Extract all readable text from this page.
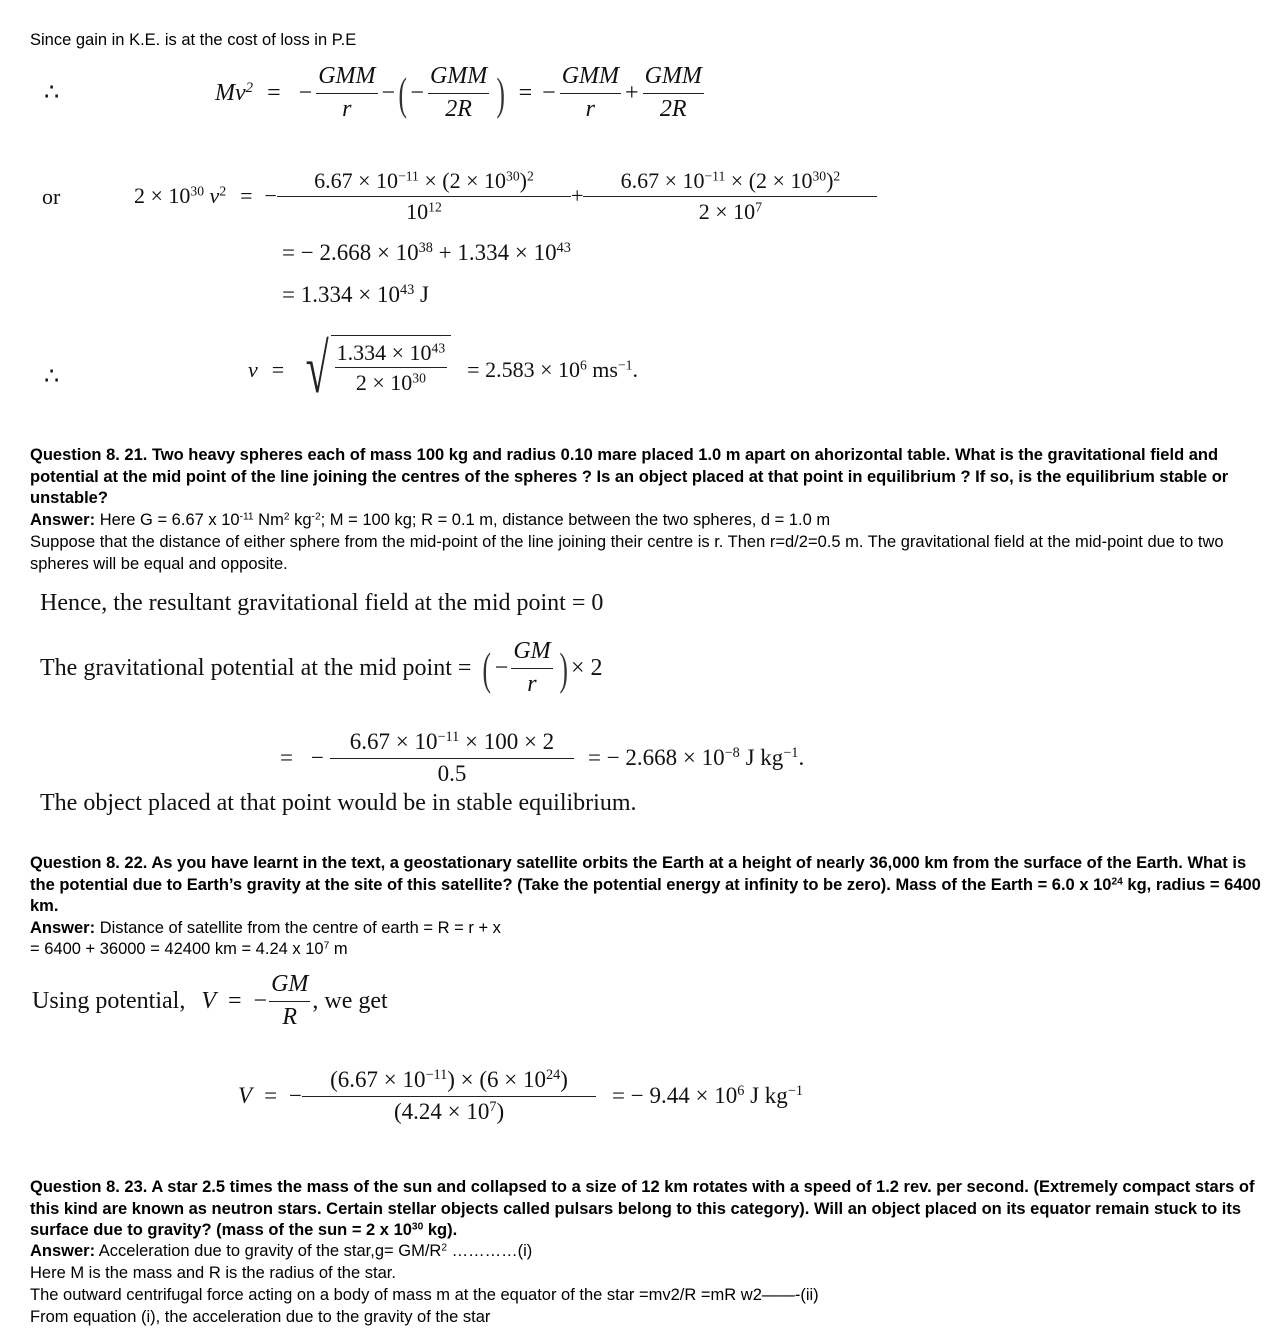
Since gain in K.E. is at the cost of loss in P.E
∴	$Mv^2$ = − $\frac{\text{GMM}}{r}$ − ( − $\frac{\text{GMM}}{2R}$ ) = − $\frac{\text{GMM}}{r} + \frac{\text{GMM}}{2R}$
or	$2 \times 10^{30}$ $v^2$ = − $\frac{6.67 \times 10^{-11} \times (2 \times 10^{30})^2}{10^{12}} + \frac{6.67 \times 10^{-11} \times (2 \times 10^{30})^2}{2 \times 10^7}$
= − $2.668 \times 10^{38} + 1.334 \times 10^{43}$
= $1.334 \times 10^{43}$ J
∴	v = √ $\frac{1.334 \times 10^{43}}{2 \times 10^{30}} = 2.583 \times 10^6$ $ms^{-1}$.
Question 8. 21. Two heavy spheres each of mass 100 kg and radius 0.10 mare placed 1.0 m apart on ahorizontal table. What is the gravitational field and potential at the mid point of the line joining the centres of the spheres ? Is an object placed at that point in equilibrium ? If so, is the equilibrium stable or unstable?
Answer: Here G = 6.67 x $10^{-11}$ Nm$^2$ $kg^{-2}$; M = 100 kg; R = 0.1 m, distance between the two spheres, d = 1.0 m
Suppose that the distance of either sphere from the mid-point of the line joining their centre is r. Then r=d/2=0.5 m. The gravitational field at the mid-point due to two spheres will be equal and opposite.
Hence, the resultant gravitational field at the mid point = 0
The gravitational potential at the mid point = ( − $\frac{GM}{r}$ ) × 2
= − $\frac{6.67 \times 10^{-11} \times 100 \times 2}{0.5}$ = − $2.668 \times 10^{-8}$ J $kg^{-1}$.
The object placed at that point would be in stable equilibrium.
Question 8. 22. As you have learnt in the text, a geostationary satellite orbits the Earth at a height of nearly 36,000 km from the surface of the Earth. What is the potential due to Earth’s gravity at the site of this satellite? (Take the potential energy at infinity to be zero). Mass of the Earth = 6.0 x $10^{24}$ kg, radius = 6400 km.
Answer: Distance of satellite from the centre of earth = R = r + x
= 6400 + 36000 = 42400 km = 4.24 x $10^7$ m
Using potential, V = − $\frac{GM}{R}$ , we get
V = − $\frac{(6.67 \times 10^{-11}) \times (6 \times 10^{24})}{(4.24 \times 10^7)}$ = − $9.44 \times 10^6$ J $kg^{-1}$
Question 8. 23. A star 2.5 times the mass of the sun and collapsed to a size of 12 km rotates with a speed of 1.2 rev. per second. (Extremely compact stars of this kind are known as neutron stars. Certain stellar objects called pulsars belong to this category). Will an object placed on its equator remain stuck to its surface due to gravity? (mass of the sun = 2 x $10^{30}$ kg).
Answer: Acceleration due to gravity of the star,g= $GM/R^2$ …………(i)
Here M is the mass and R is the radius of the star.
The outward centrifugal force acting on a body of mass m at the equator of the star =mv2/R =mR w2——-(ii)
From equation (i), the acceleration due to the gravity of the star
